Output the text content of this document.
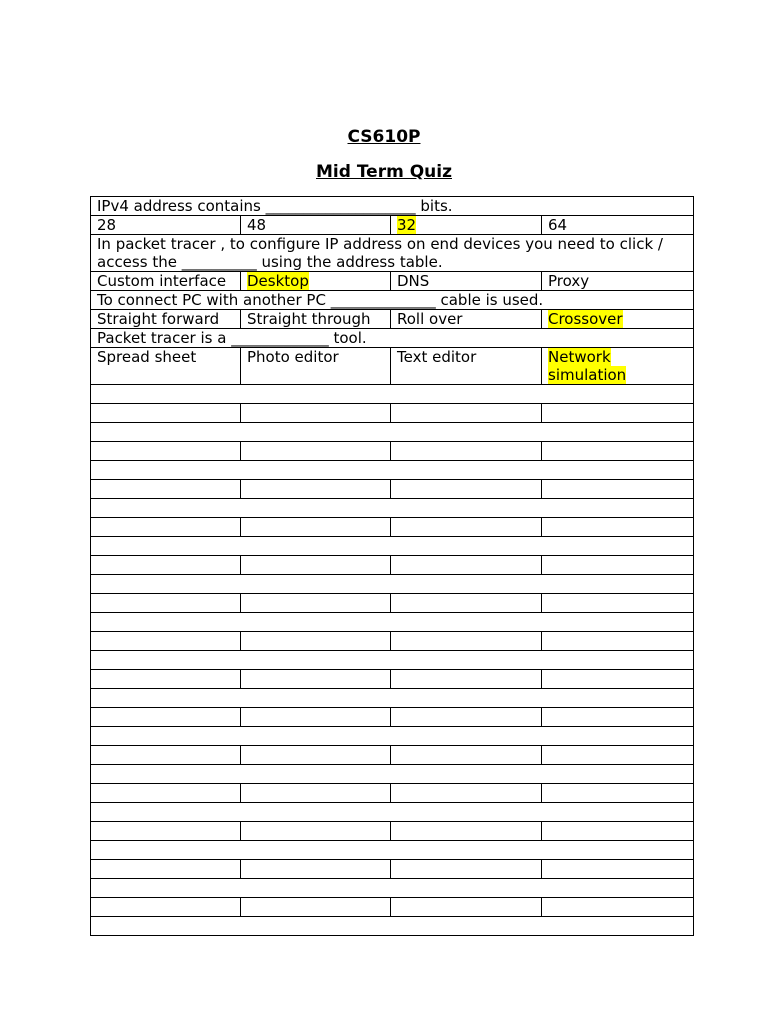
CS610P
Mid Term Quiz
IPv4 address contains ____________________ bits.			
28	48	32	64
In packet tracer , to configure IP address on end devices you need to click / access the __________ using the address table.			
Custom interface	Desktop	DNS	Proxy
To connect PC with another PC ______________ cable is used.			
Straight forward	Straight through	Roll over	Crossover
Packet tracer is a _____________ tool.			
Spread sheet	Photo editor	Text editor	Network simulation
